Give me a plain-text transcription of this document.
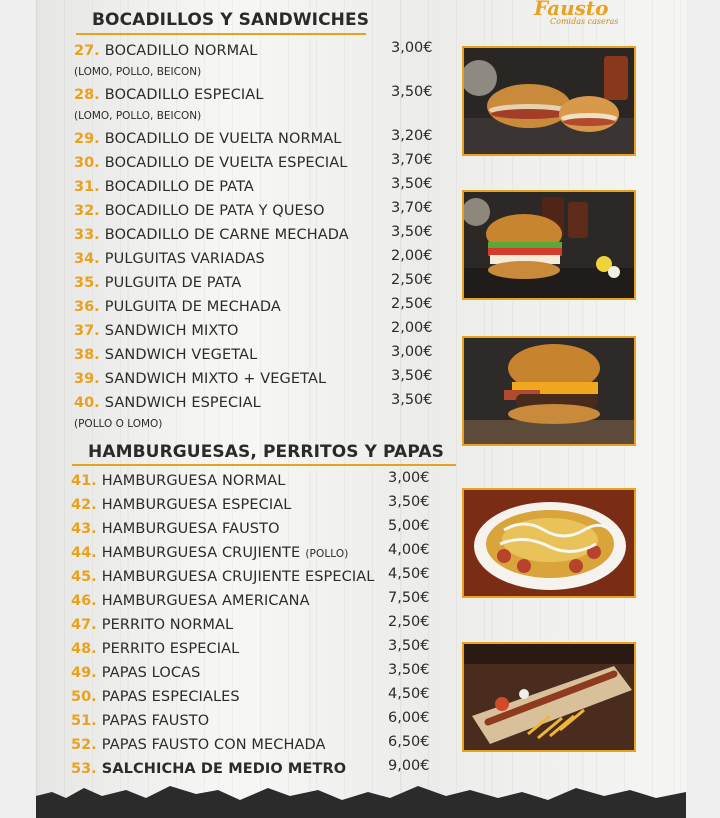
Fausto
Comidas caseras
BOCADILLOS Y SANDWICHES
HAMBURGUESAS, PERRITOS Y PAPAS
27. BOCADILLO NORMAL	3,00€
(LOMO, POLLO, BEICON)
28. BOCADILLO ESPECIAL	3,50€
(LOMO, POLLO, BEICON)
29. BOCADILLO DE VUELTA NORMAL	3,20€
30. BOCADILLO DE VUELTA ESPECIAL	3,70€
31. BOCADILLO DE PATA	3,50€
32. BOCADILLO DE PATA Y QUESO	3,70€
33. BOCADILLO DE CARNE MECHADA	3,50€
34. PULGUITAS VARIADAS	2,00€
35. PULGUITA DE PATA	2,50€
36. PULGUITA DE MECHADA	2,50€
37. SANDWICH MIXTO	2,00€
38. SANDWICH VEGETAL	3,00€
39. SANDWICH MIXTO + VEGETAL	3,50€
40. SANDWICH ESPECIAL	3,50€
(POLLO O LOMO)
41. HAMBURGUESA NORMAL	3,00€
42. HAMBURGUESA ESPECIAL	3,50€
43. HAMBURGUESA FAUSTO	5,00€
44. HAMBURGUESA CRUJIENTE (POLLO)	4,00€
45. HAMBURGUESA CRUJIENTE ESPECIAL 4,50€
46. HAMBURGUESA AMERICANA	7,50€
47. PERRITO NORMAL	2,50€
48. PERRITO ESPECIAL	3,50€
49. PAPAS LOCAS	3,50€
50. PAPAS ESPECIALES	4,50€
51. PAPAS FAUSTO	6,00€
52. PAPAS FAUSTO CON MECHADA	6,50€
53. SALCHICHA DE MEDIO METRO	9,00€
